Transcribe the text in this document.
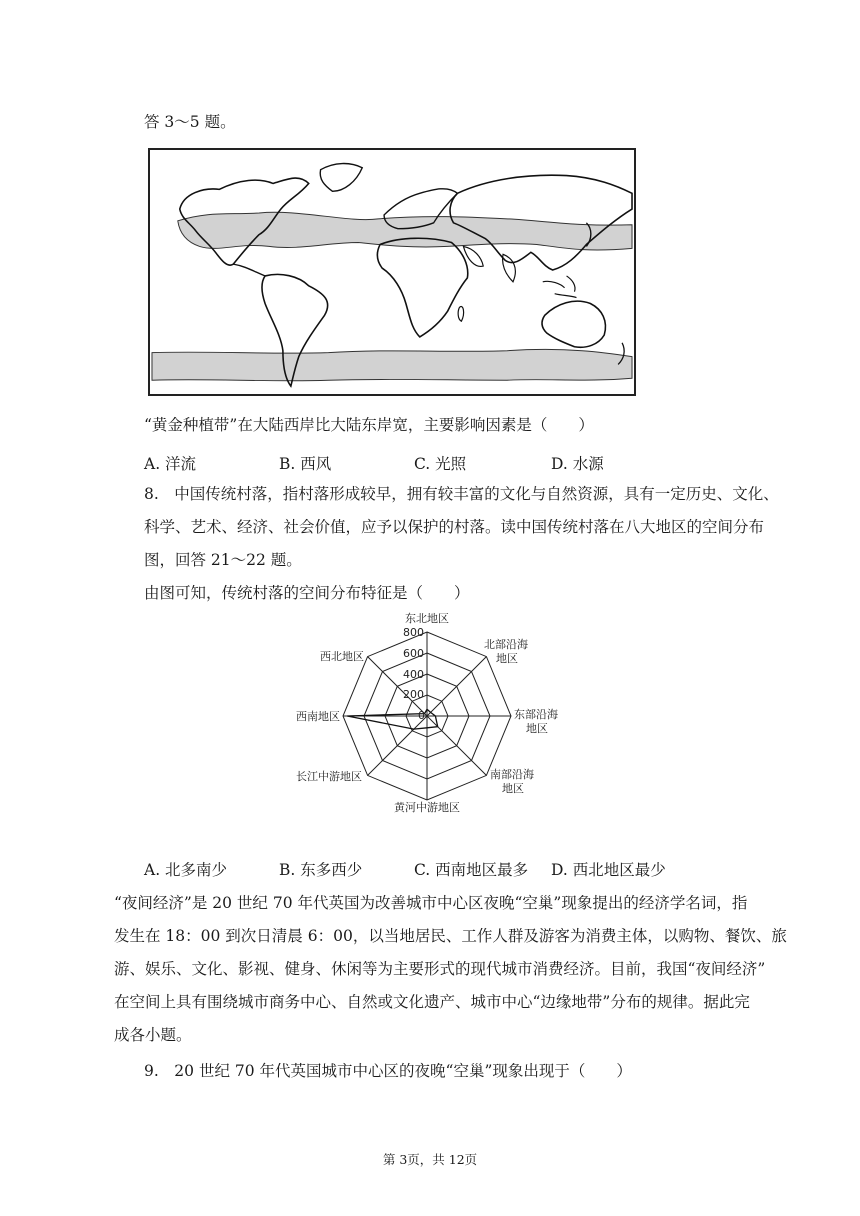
答 3～5 题。
“黄金种植带”在大陆西岸比大陆东岸宽，主要影响因素是（　　）
A. 洋流	B. 西风	C. 光照	D. 水源
8.　中国传统村落，指村落形成较早，拥有较丰富的文化与自然资源，具有一定历史、文化、
科学、艺术、经济、社会价值，应予以保护的村落。读中国传统村落在八大地区的空间分布
图，回答 21～22 题。
由图可知，传统村落的空间分布特征是（　　）
800
600
400
200
0
东北地区
北部沿海
地区
东部沿海
地区
南部沿海
地区
黄河中游地区
长江中游地区
西南地区
西北地区
A. 北多南少	B. 东多西少	C. 西南地区最多 D. 西北地区最少
“夜间经济”是 20 世纪 70 年代英国为改善城市中心区夜晚“空巢”现象提出的经济学名词，指
发生在 18：00 到次日清晨 6：00，以当地居民、工作人群及游客为消费主体，以购物、餐饮、旅
游、娱乐、文化、影视、健身、休闲等为主要形式的现代城市消费经济。目前，我国“夜间经济”
在空间上具有围绕城市商务中心、自然或文化遗产、城市中心“边缘地带”分布的规律。据此完
成各小题。
9.　20 世纪 70 年代英国城市中心区的夜晚“空巢”现象出现于（　　）
第 3页，共 12页
